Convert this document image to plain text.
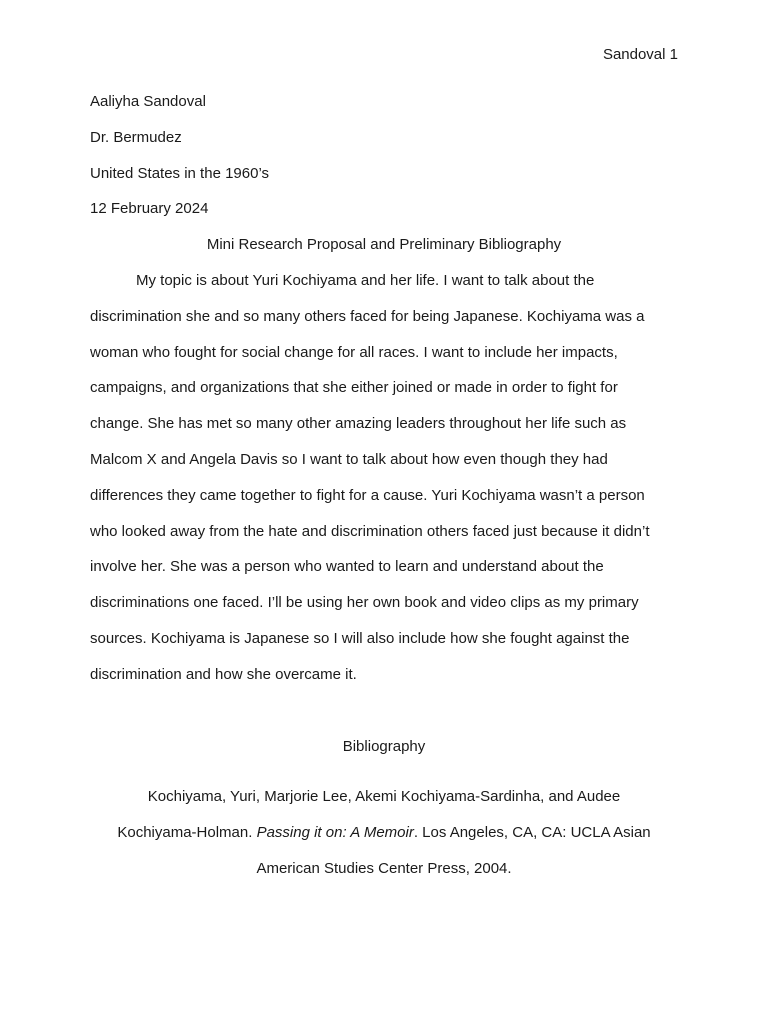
Sandoval 1
Aaliyha Sandoval
Dr. Bermudez
United States in the 1960’s
12 February 2024
Mini Research Proposal and Preliminary Bibliography
My topic is about Yuri Kochiyama and her life. I want to talk about the
discrimination she and so many others faced for being Japanese. Kochiyama was a
woman who fought for social change for all races. I want to include her impacts,
campaigns, and organizations that she either joined or made in order to fight for
change. She has met so many other amazing leaders throughout her life such as
Malcom X and Angela Davis so I want to talk about how even though they had
differences they came together to fight for a cause. Yuri Kochiyama wasn’t a person
who looked away from the hate and discrimination others faced just because it didn’t
involve her. She was a person who wanted to learn and understand about the
discriminations one faced. I’ll be using her own book and video clips as my primary
sources. Kochiyama is Japanese so I will also include how she fought against the
discrimination and how she overcame it.
Bibliography
Kochiyama, Yuri, Marjorie Lee, Akemi Kochiyama-Sardinha, and Audee
Kochiyama-Holman. Passing it on: A Memoir. Los Angeles, CA, CA: UCLA Asian
American Studies Center Press, 2004.
